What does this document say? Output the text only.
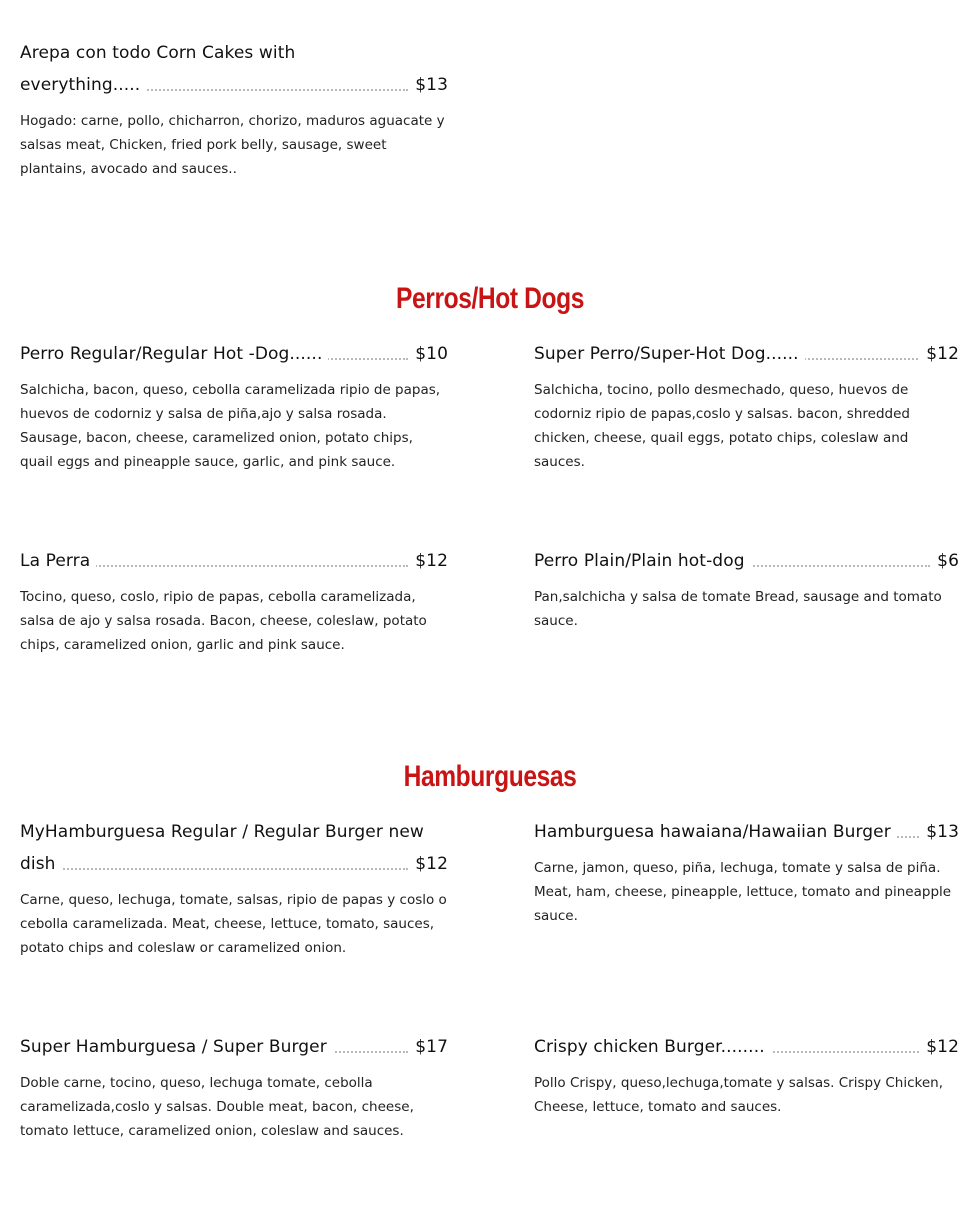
Arepa con todo Corn Cakes with
everything.....	$13
Hogado: carne, pollo, chicharron, chorizo, maduros aguacate y salsas meat, Chicken, fried pork belly, sausage, sweet plantains, avocado and sauces..
Perros/Hot Dogs
Perro Regular/Regular Hot -Dog......	$10
Salchicha, bacon, queso, cebolla caramelizada ripio de papas, huevos de codorniz y salsa de piña,ajo y salsa rosada. Sausage, bacon, cheese, caramelized onion, potato chips, quail eggs and pineapple sauce, garlic, and pink sauce.
Super Perro/Super-Hot Dog......	$12
Salchicha, tocino, pollo desmechado, queso, huevos de codorniz ripio de papas,coslo y salsas. bacon, shredded chicken, cheese, quail eggs, potato chips, coleslaw and sauces.
La Perra	$12
Tocino, queso, coslo, ripio de papas, cebolla caramelizada, salsa de ajo y salsa rosada. Bacon, cheese, coleslaw, potato chips, caramelized onion, garlic and pink sauce.
Perro Plain/Plain hot-dog	$6
Pan,salchicha y salsa de tomate Bread, sausage and tomato sauce.
Hamburguesas
MyHamburguesa Regular / Regular Burger new
dish	$12
Carne, queso, lechuga, tomate, salsas, ripio de papas y coslo o cebolla caramelizada. Meat, cheese, lettuce, tomato, sauces, potato chips and coleslaw or caramelized onion.
Hamburguesa hawaiana/Hawaiian Burger	$13
Carne, jamon, queso, piña, lechuga, tomate y salsa de piña. Meat, ham, cheese, pineapple, lettuce, tomato and pineapple sauce.
Super Hamburguesa / Super Burger	$17
Doble carne, tocino, queso, lechuga tomate, cebolla caramelizada,coslo y salsas. Double meat, bacon, cheese, tomato lettuce, caramelized onion, coleslaw and sauces.
Crispy chicken Burger........	$12
Pollo Crispy, queso,lechuga,tomate y salsas. Crispy Chicken, Cheese, lettuce, tomato and sauces.
